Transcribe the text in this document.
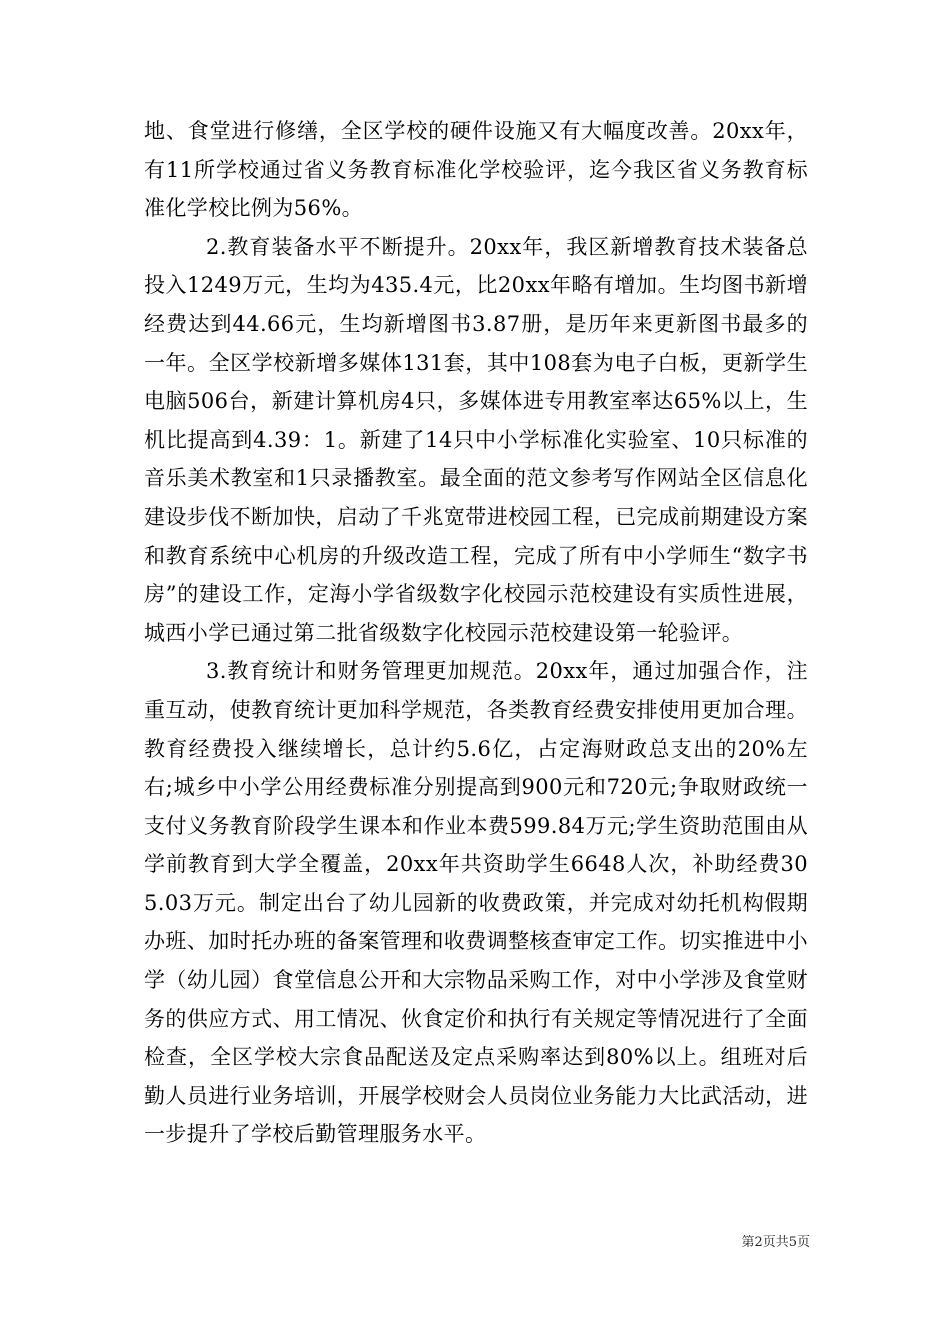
地、食堂进行修缮，全区学校的硬件设施又有大幅度改善。20xx年，有11所学校通过省义务教育标准化学校验评，迄今我区省义务教育标准化学校比例为56%。

2.教育装备水平不断提升。20xx年，我区新增教育技术装备总投入1249万元，生均为435.4元，比20xx年略有增加。生均图书新增经费达到44.66元，生均新增图书3.87册，是历年来更新图书最多的一年。全区学校新增多媒体131套，其中108套为电子白板，更新学生电脑506台，新建计算机房4只，多媒体进专用教室率达65%以上，生机比提高到4.39：1。新建了14只中小学标准化实验室、10只标准的音乐美术教室和1只录播教室。最全面的范文参考写作网站全区信息化建设步伐不断加快，启动了千兆宽带进校园工程，已完成前期建设方案和教育系统中心机房的升级改造工程，完成了所有中小学师生“数字书房”的建设工作，定海小学省级数字化校园示范校建设有实质性进展，城西小学已通过第二批省级数字化校园示范校建设第一轮验评。

3.教育统计和财务管理更加规范。20xx年，通过加强合作，注重互动，使教育统计更加科学规范，各类教育经费安排使用更加合理。教育经费投入继续增长，总计约5.6亿，占定海财政总支出的20%左右;城乡中小学公用经费标准分别提高到900元和720元;争取财政统一支付义务教育阶段学生课本和作业本费599.84万元;学生资助范围由从学前教育到大学全覆盖，20xx年共资助学生6648人次，补助经费305.03万元。制定出台了幼儿园新的收费政策，并完成对幼托机构假期办班、加时托办班的备案管理和收费调整核查审定工作。切实推进中小学（幼儿园）食堂信息公开和大宗物品采购工作，对中小学涉及食堂财务的供应方式、用工情况、伙食定价和执行有关规定等情况进行了全面检查，全区学校大宗食品配送及定点采购率达到80%以上。组班对后勤人员进行业务培训，开展学校财会人员岗位业务能力大比武活动，进一步提升了学校后勤管理服务水平。

第2页共5页
